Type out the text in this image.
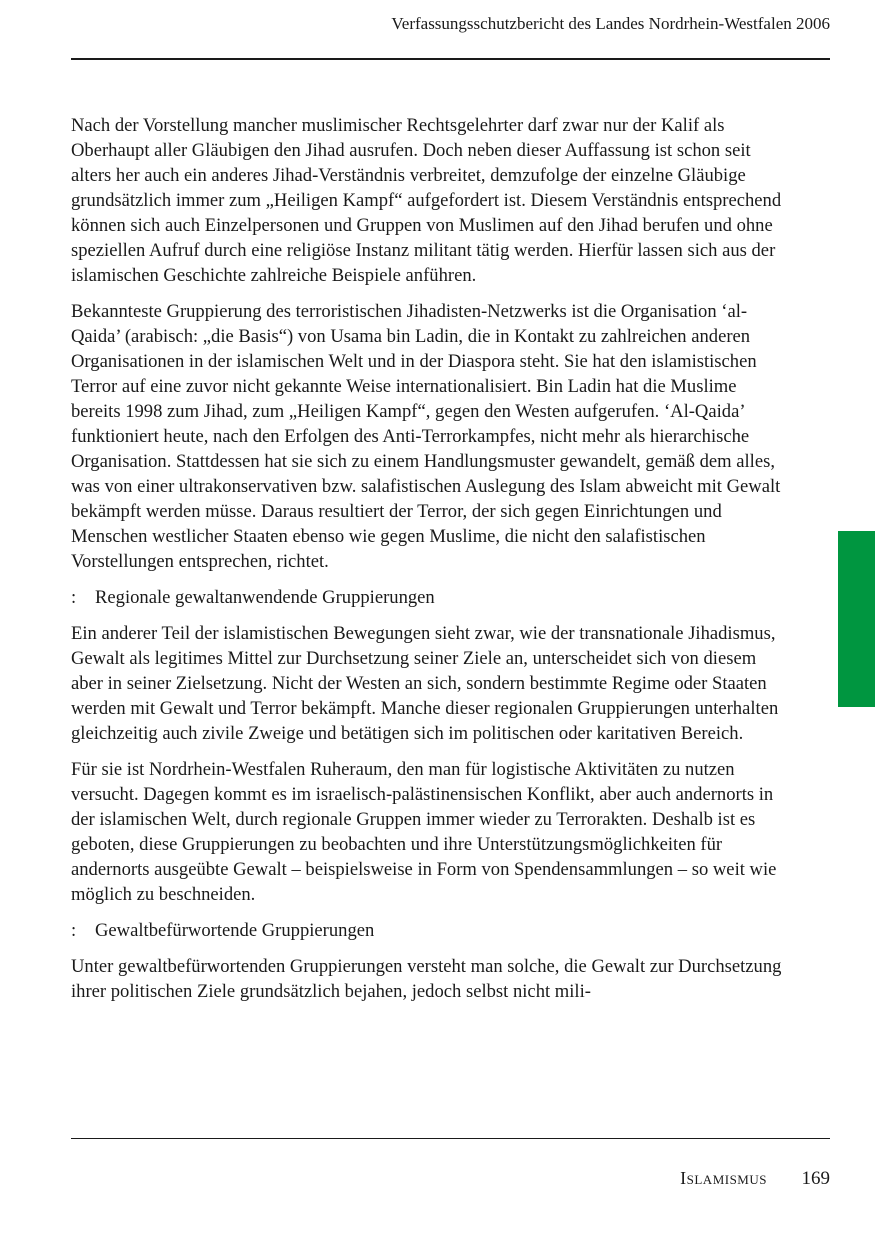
Verfassungsschutzbericht des Landes Nordrhein-Westfalen 2006

Nach der Vorstellung mancher muslimischer Rechtsgelehrter darf zwar nur der Kalif als Oberhaupt aller Gläubigen den Jihad ausrufen. Doch neben dieser Auffassung ist schon seit alters her auch ein anderes Jihad-Verständnis verbreitet, demzufolge der einzelne Gläubige grundsätzlich immer zum „Heiligen Kampf“ aufgefordert ist. Diesem Verständnis entsprechend können sich auch Einzelpersonen und Gruppen von Muslimen auf den Jihad berufen und ohne speziellen Aufruf durch eine religiöse Instanz militant tätig werden. Hierfür lassen sich aus der islamischen Geschichte zahlreiche Beispiele anführen.

Bekannteste Gruppierung des terroristischen Jihadisten-Netzwerks ist die Organisation ‘al-Qaida’ (arabisch: „die Basis“) von Usama bin Ladin, die in Kontakt zu zahlreichen anderen Organisationen in der islamischen Welt und in der Diaspora steht. Sie hat den islamistischen Terror auf eine zuvor nicht gekannte Weise internationalisiert. Bin Ladin hat die Muslime bereits 1998 zum Jihad, zum „Heiligen Kampf“, gegen den Westen aufgerufen. ‘Al-Qaida’ funktioniert heute, nach den Erfolgen des Anti-Terrorkampfes, nicht mehr als hierarchische Organisation. Stattdessen hat sie sich zu einem Handlungsmuster gewandelt, gemäß dem alles, was von einer ultrakonservativen bzw. salafistischen Auslegung des Islam abweicht mit Gewalt bekämpft werden müsse. Daraus resultiert der Terror, der sich gegen Einrichtungen und Menschen westlicher Staaten ebenso wie gegen Muslime, die nicht den salafistischen Vorstellungen entsprechen, richtet.

: Regionale gewaltanwendende Gruppierungen

Ein anderer Teil der islamistischen Bewegungen sieht zwar, wie der transnationale Jihadismus, Gewalt als legitimes Mittel zur Durchsetzung seiner Ziele an, unterscheidet sich von diesem aber in seiner Zielsetzung. Nicht der Westen an sich, sondern bestimmte Regime oder Staaten werden mit Gewalt und Terror bekämpft. Manche dieser regionalen Gruppierungen unterhalten gleichzeitig auch zivile Zweige und betätigen sich im politischen oder karitativen Bereich.

Für sie ist Nordrhein-Westfalen Ruheraum, den man für logistische Aktivitäten zu nutzen versucht. Dagegen kommt es im israelisch-palästinensischen Konflikt, aber auch andernorts in der islamischen Welt, durch regionale Gruppen immer wieder zu Terrorakten. Deshalb ist es geboten, diese Gruppierungen zu beobachten und ihre Unterstützungsmöglichkeiten für andernorts ausgeübte Gewalt – beispielsweise in Form von Spendensammlungen – so weit wie möglich zu beschneiden.

: Gewaltbefürwortende Gruppierungen

Unter gewaltbefürwortenden Gruppierungen versteht man solche, die Gewalt zur Durchsetzung ihrer politischen Ziele grundsätzlich bejahen, jedoch selbst nicht mili-

Islamismus 169
